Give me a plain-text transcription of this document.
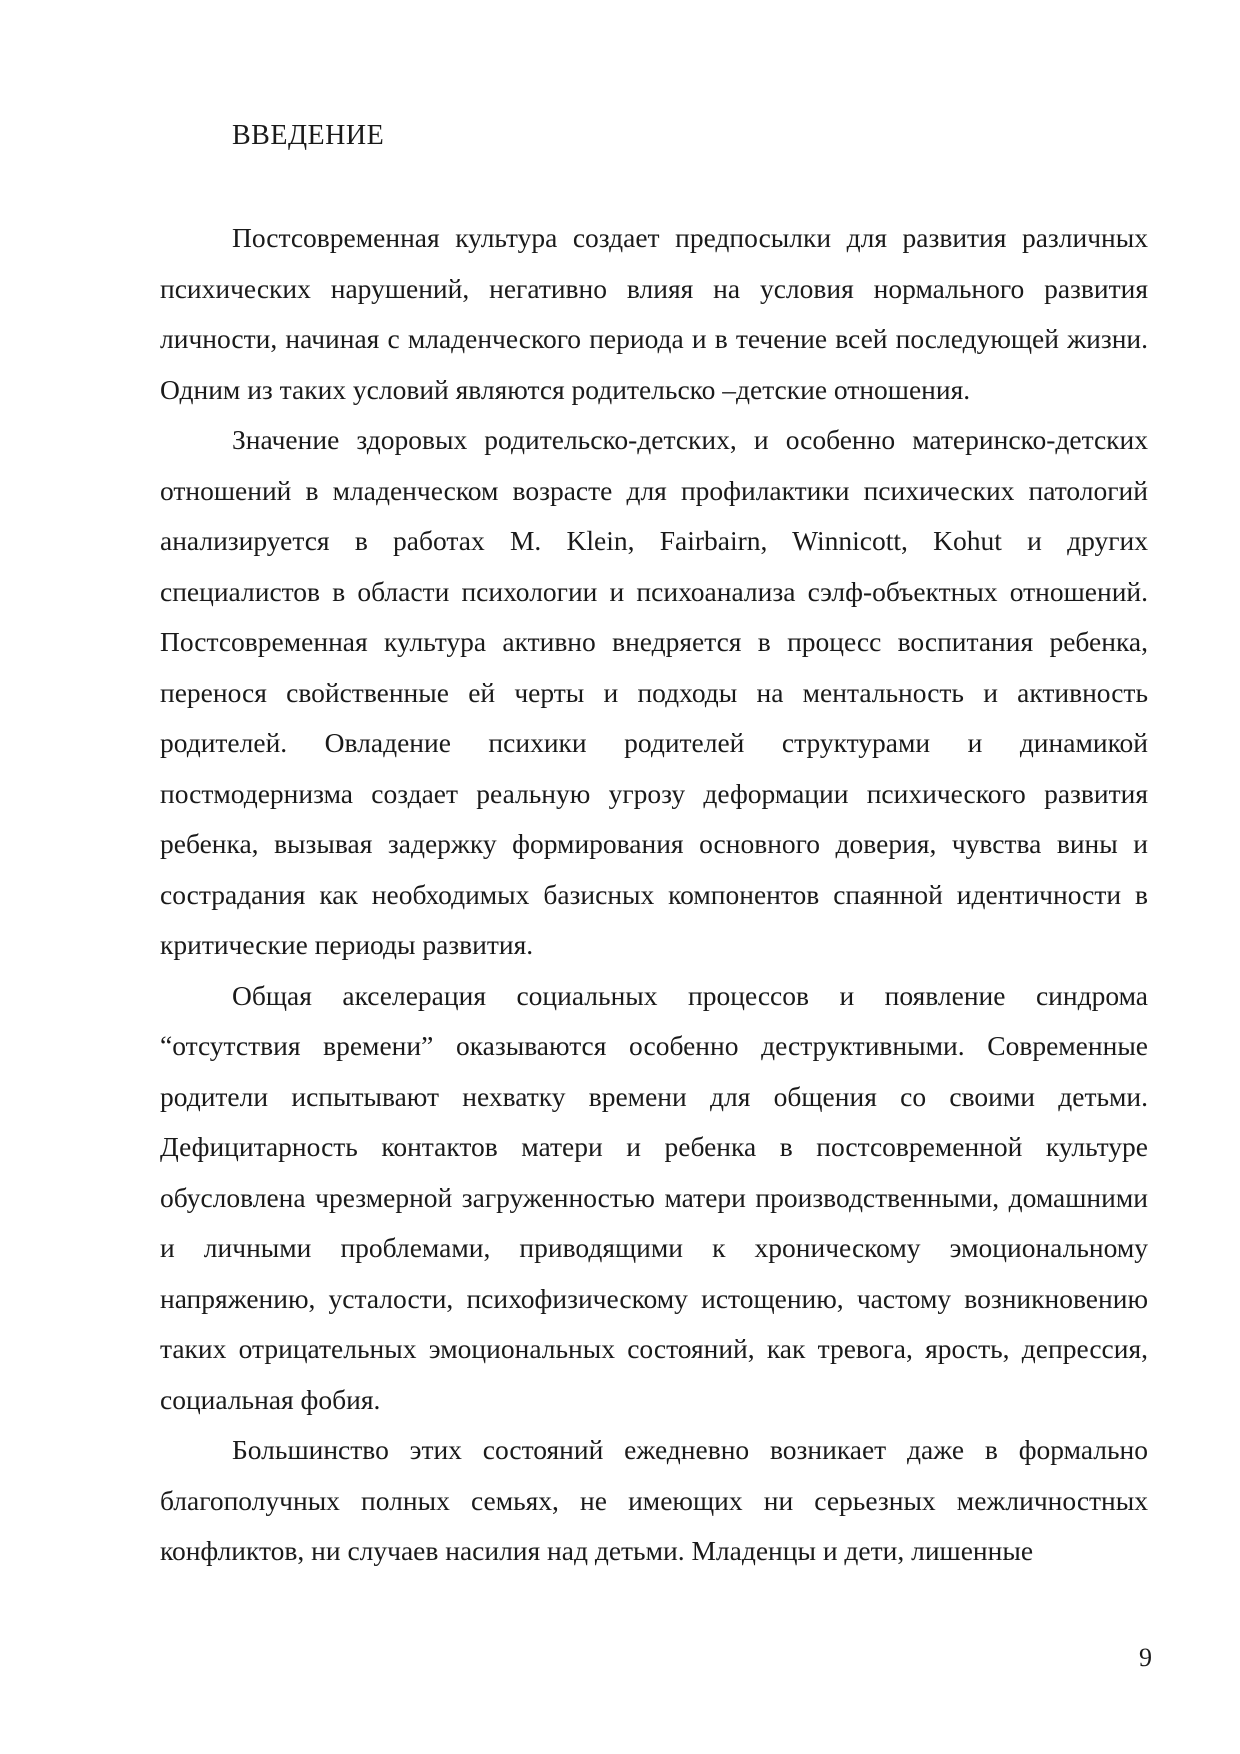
ВВЕДЕНИЕ

Постсовременная культура создает предпосылки для развития различных психических нарушений, негативно влияя на условия нормального развития личности, начиная с младенческого периода и в течение всей последующей жизни. Одним из таких условий являются родительско –детские отношения.

Значение здоровых родительско-детских, и особенно материнско-детских отношений в младенческом возрасте для профилактики психических патологий анализируется в работах M. Klein, Fairbairn, Winnicott, Kohut и других специалистов в области психологии и психоанализа сэлф-объектных отношений. Постсовременная культура активно внедряется в процесс воспитания ребенка, перенося свойственные ей черты и подходы на ментальность и активность родителей. Овладение психики родителей структурами и динамикой постмодернизма создает реальную угрозу деформации психического развития ребенка, вызывая задержку формирования основного доверия, чувства вины и сострадания как необходимых базисных компонентов спаянной идентичности в критические периоды развития.

Общая акселерация социальных процессов и появление синдрома “отсутствия времени” оказываются особенно деструктивными. Современные родители испытывают нехватку времени для общения со своими детьми. Дефицитарность контактов матери и ребенка в постсовременной культуре обусловлена чрезмерной загруженностью матери производственными, домашними и личными проблемами, приводящими к хроническому эмоциональному напряжению, усталости, психофизическому истощению, частому возникновению таких отрицательных эмоциональных состояний, как тревога, ярость, депрессия, социальная фобия.

Большинство этих состояний ежедневно возникает даже в формально благополучных полных семьях, не имеющих ни серьезных межличностных конфликтов, ни случаев насилия над детьми. Младенцы и дети, лишенные

9
